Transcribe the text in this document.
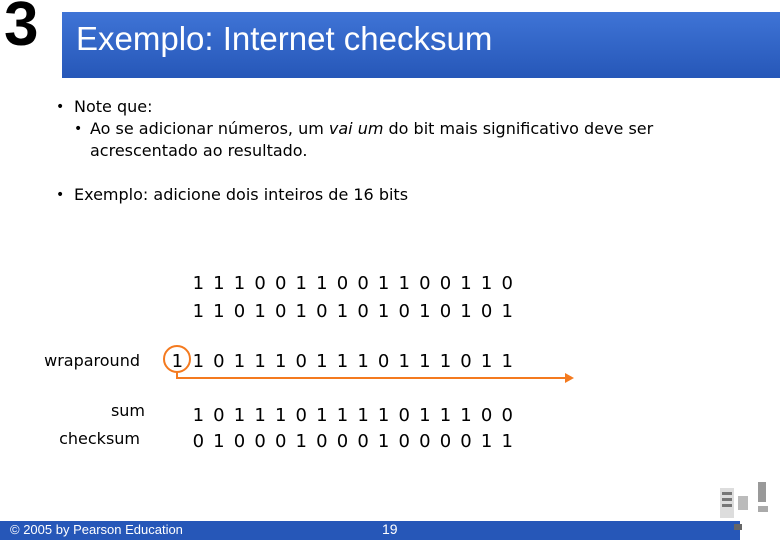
3 Exemplo: Internet checksum
• Note que:
• Ao se adicionar números, um vai um do bit mais significativo deve ser
acrescentado ao resultado.
• Exemplo: adicione dois inteiros de 16 bits
1 1 1 0 0 1 1 0 0 1 1 0 0 1 1 0
1 1 0 1 0 1 0 1 0 1 0 1 0 1 0 1
wraparound 1 1 0 1 1 1 0 1 1 1 0 1 1 1 0 1 1
sum	1 0 1 1 1 0 1 1 1 1 0 1 1 1 0 0
checksum	0 1 0 0 0 1 0 0 0 1 0 0 0 0 1 1
© 2005 by Pearson Education	19
